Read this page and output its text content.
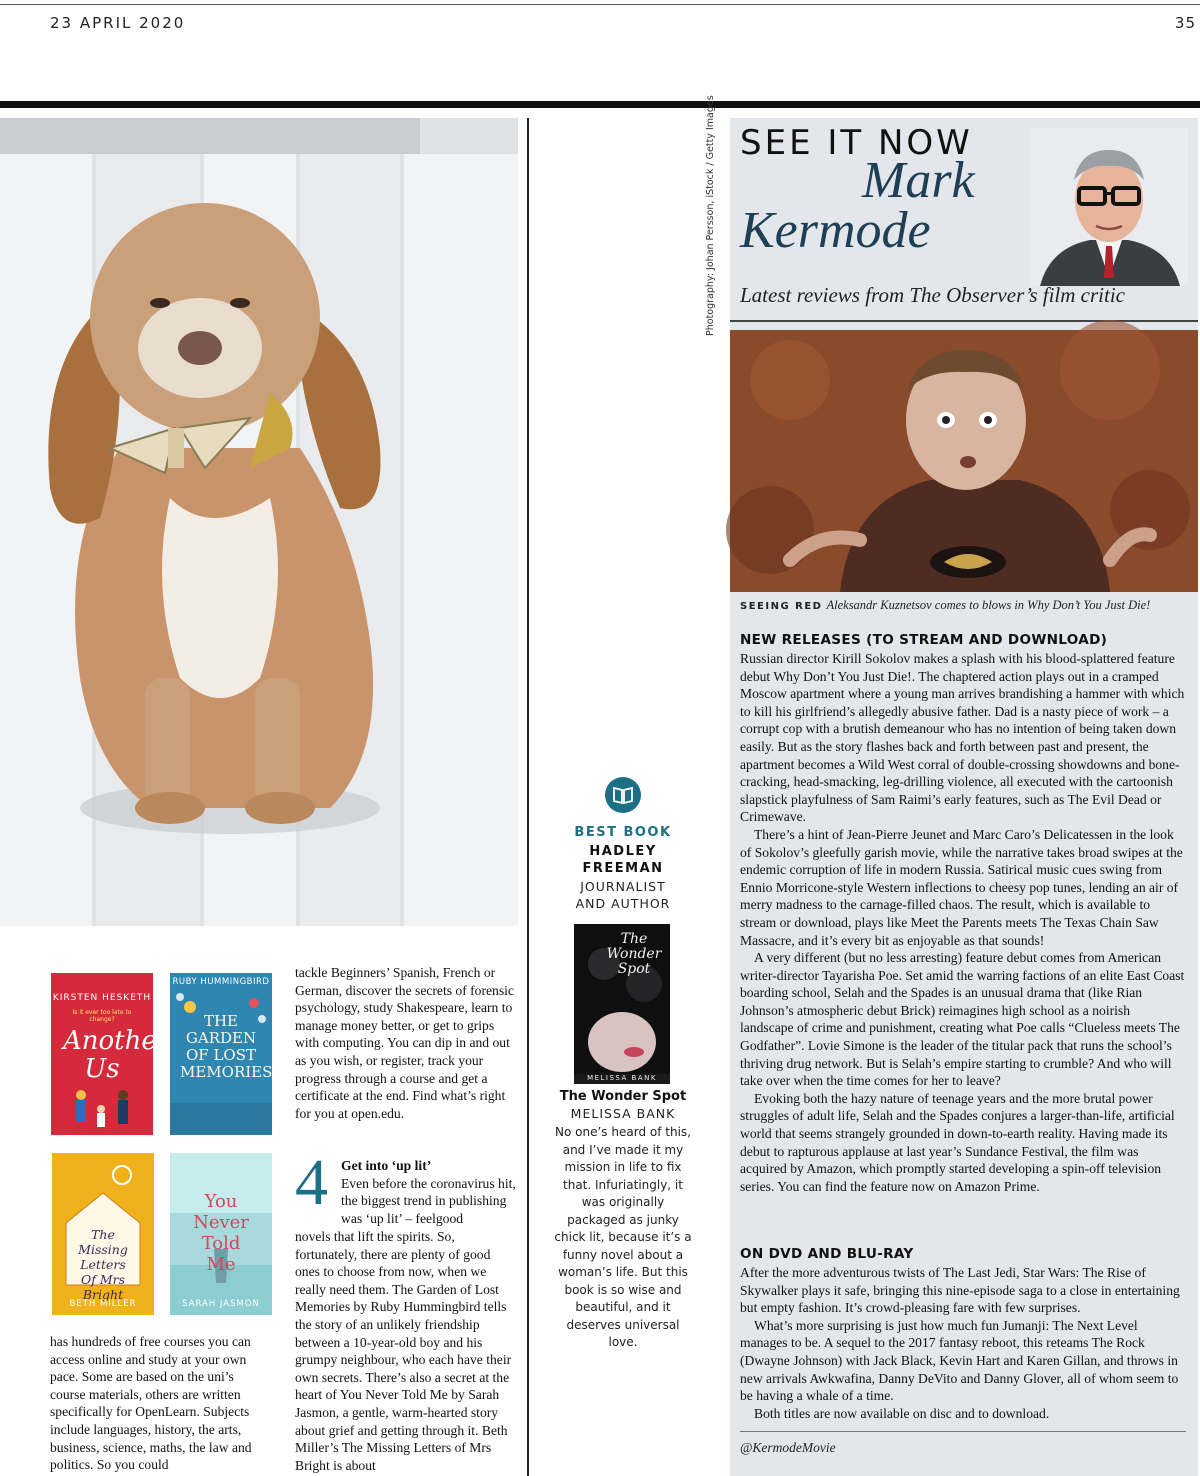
23 APRIL 2020	35
Photography: Johan Persson, iStock / Getty Images

KIRSTEN HESKETH
Is it ever too late to change?
Another Us
RUBY HUMMINGBIRD
THE GARDEN OF LOST MEMORIES
The Missing Letters Of Mrs Bright
BETH MILLER
You Never Told Me
SARAH JASMON
has hundreds of free courses you can access online and study at your own pace. Some are based on the uni’s course materials, others are written specifically for OpenLearn. Subjects include languages, history, the arts, business, science, maths, the law and politics. So you could
tackle Beginners’ Spanish, French or German, discover the secrets of forensic psychology, study Shakespeare, learn to manage money better, or get to grips with computing. You can dip in and out as you wish, or register, track your progress through a course and get a certificate at the end. Find what’s right for you at open.edu.
4 Get into ‘up lit’
Even before the coronavirus hit, the biggest trend in publishing was ‘up lit’ – feelgood
novels that lift the spirits. So, fortunately, there are plenty of good ones to choose from now, when we really need them. The Garden of Lost Memories by Ruby Hummingbird tells the story of an unlikely friendship between a 10-year-old boy and his grumpy neighbour, who each have their own secrets. There’s also a secret at the heart of You Never Told Me by Sarah Jasmon, a gentle, warm-hearted story about grief and getting through it. Beth Miller’s The Missing Letters of Mrs Bright is about
BEST BOOK
HADLEY
FREEMAN
JOURNALIST
AND AUTHOR
The Wonder Spot
MELISSA BANK
The Wonder Spot
MELISSA BANK
No one’s heard of this, and I’ve made it my mission in life to fix that. Infuriatingly, it was originally packaged as junky chick lit, because it’s a funny novel about a woman’s life. But this book is so wise and beautiful, and it deserves universal love.
SEE IT NOW
Mark
Kermode
Latest reviews from The Observer’s film critic
SEEING RED Aleksandr Kuznetsov comes to blows in Why Don’t You Just Die!
NEW RELEASES (TO STREAM AND DOWNLOAD)

Russian director Kirill Sokolov makes a splash with his blood-splattered feature debut Why Don’t You Just Die!. The chaptered action plays out in a cramped Moscow apartment where a young man arrives brandishing a hammer with which to kill his girlfriend’s allegedly abusive father. Dad is a nasty piece of work – a corrupt cop with a brutish demeanour who has no intention of being taken down easily. But as the story flashes back and forth between past and present, the apartment becomes a Wild West corral of double-crossing showdowns and bone-cracking, head-smacking, leg-drilling violence, all executed with the cartoonish slapstick playfulness of Sam Raimi’s early features, such as The Evil Dead or Crimewave.

There’s a hint of Jean-Pierre Jeunet and Marc Caro’s Delicatessen in the look of Sokolov’s gleefully garish movie, while the narrative takes broad swipes at the endemic corruption of life in modern Russia. Satirical music cues swing from Ennio Morricone-style Western inflections to cheesy pop tunes, lending an air of merry madness to the carnage-filled chaos. The result, which is available to stream or download, plays like Meet the Parents meets The Texas Chain Saw Massacre, and it’s every bit as enjoyable as that sounds!

A very different (but no less arresting) feature debut comes from American writer-director Tayarisha Poe. Set amid the warring factions of an elite East Coast boarding school, Selah and the Spades is an unusual drama that (like Rian Johnson’s atmospheric debut Brick) reimagines high school as a noirish landscape of crime and punishment, creating what Poe calls “Clueless meets The Godfather”. Lovie Simone is the leader of the titular pack that runs the school’s thriving drug network. But is Selah’s empire starting to crumble? And who will take over when the time comes for her to leave?

Evoking both the hazy nature of teenage years and the more brutal power struggles of adult life, Selah and the Spades conjures a larger-than-life, artificial world that seems strangely grounded in down-to-earth reality. Having made its debut to rapturous applause at last year’s Sundance Festival, the film was acquired by Amazon, which promptly started developing a spin-off television series. You can find the feature now on Amazon Prime.

ON DVD AND BLU-RAY

After the more adventurous twists of The Last Jedi, Star Wars: The Rise of Skywalker plays it safe, bringing this nine-episode saga to a close in entertaining but empty fashion. It’s crowd-pleasing fare with few surprises.

What’s more surprising is just how much fun Jumanji: The Next Level manages to be. A sequel to the 2017 fantasy reboot, this reteams The Rock (Dwayne Johnson) with Jack Black, Kevin Hart and Karen Gillan, and throws in new arrivals Awkwafina, Danny DeVito and Danny Glover, all of whom seem to be having a whale of a time.

Both titles are now available on disc and to download.

@KermodeMovie
